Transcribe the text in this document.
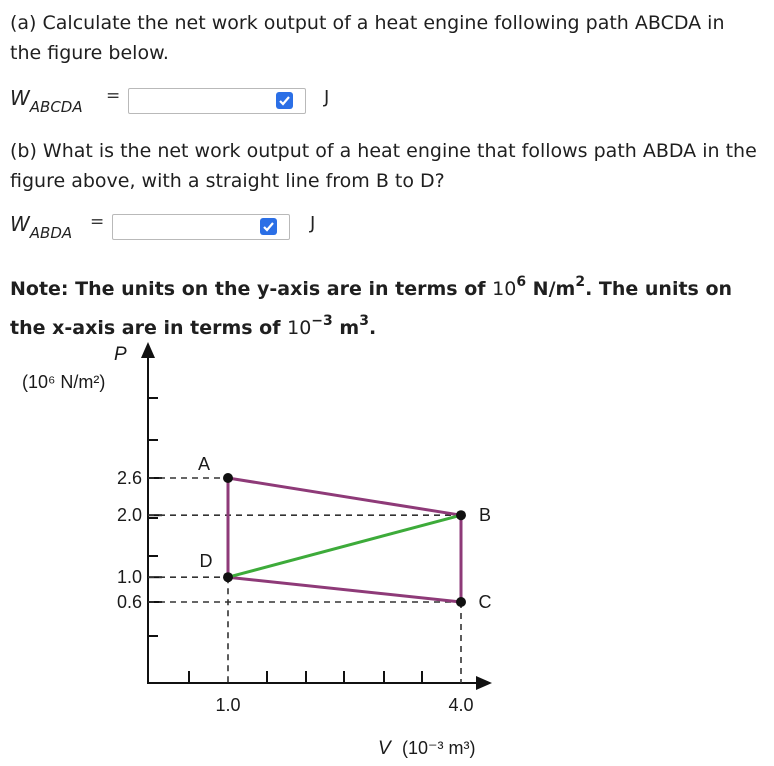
(a) Calculate the net work output of a heat engine following path ABCDA in the figure below.
$W_{ABCDA}$
=	J
(b) What is the net work output of a heat engine that follows path ABDA in the figure above, with a straight line from B to D?
$W_{ABDA}$
=	J
Note: The units on the y-axis are in terms of $10^6$ $N/m^2$. The units on the x-axis are in terms of $10^{-3}$ $m^3$.
P
(10⁶ N/m²)
V (10⁻³ m³)
2.6
2.0
1.0
0.6
1.0	4.0
A
B
C
D
